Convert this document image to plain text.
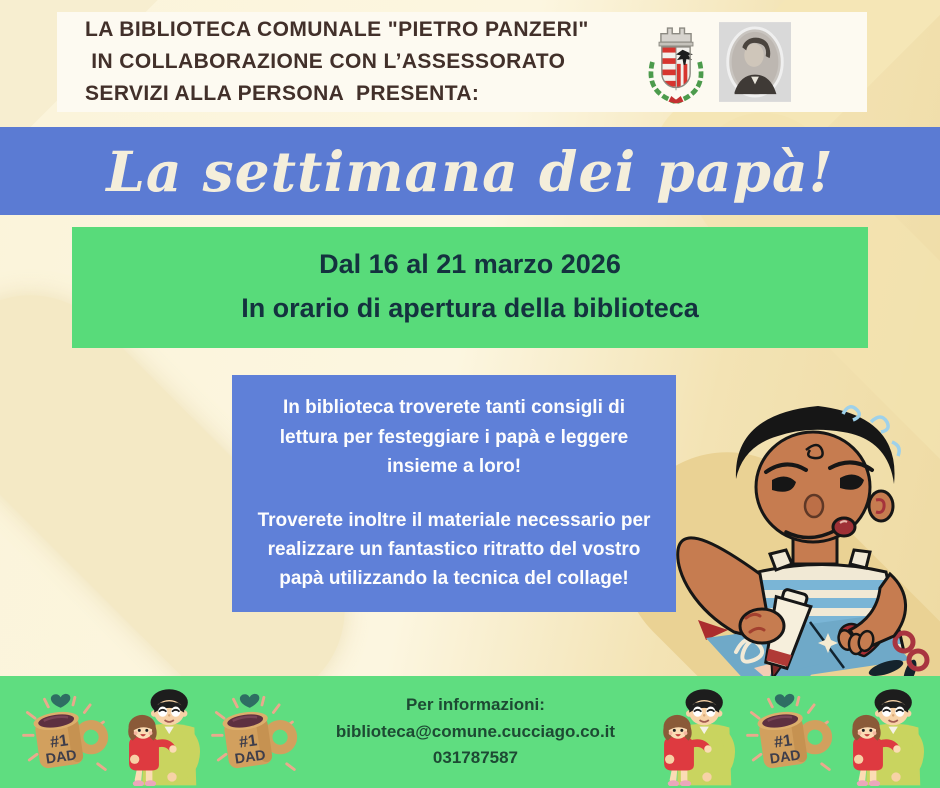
LA BIBLIOTECA COMUNALE "PIETRO PANZERI"
IN COLLABORAZIONE CON L’ASSESSORATO
SERVIZI ALLA PERSONA  PRESENTA:
La settimana dei papà!
Dal 16 al 21 marzo 2026
In orario di apertura della biblioteca

In biblioteca troverete tanti consigli di lettura per festeggiare i papà e leggere insieme a loro!

Troverete inoltre il materiale necessario per realizzare un fantastico ritratto del vostro papà utilizzando la tecnica del collage!

Per informazioni:
biblioteca@comune.cucciago.co.it
031787587
